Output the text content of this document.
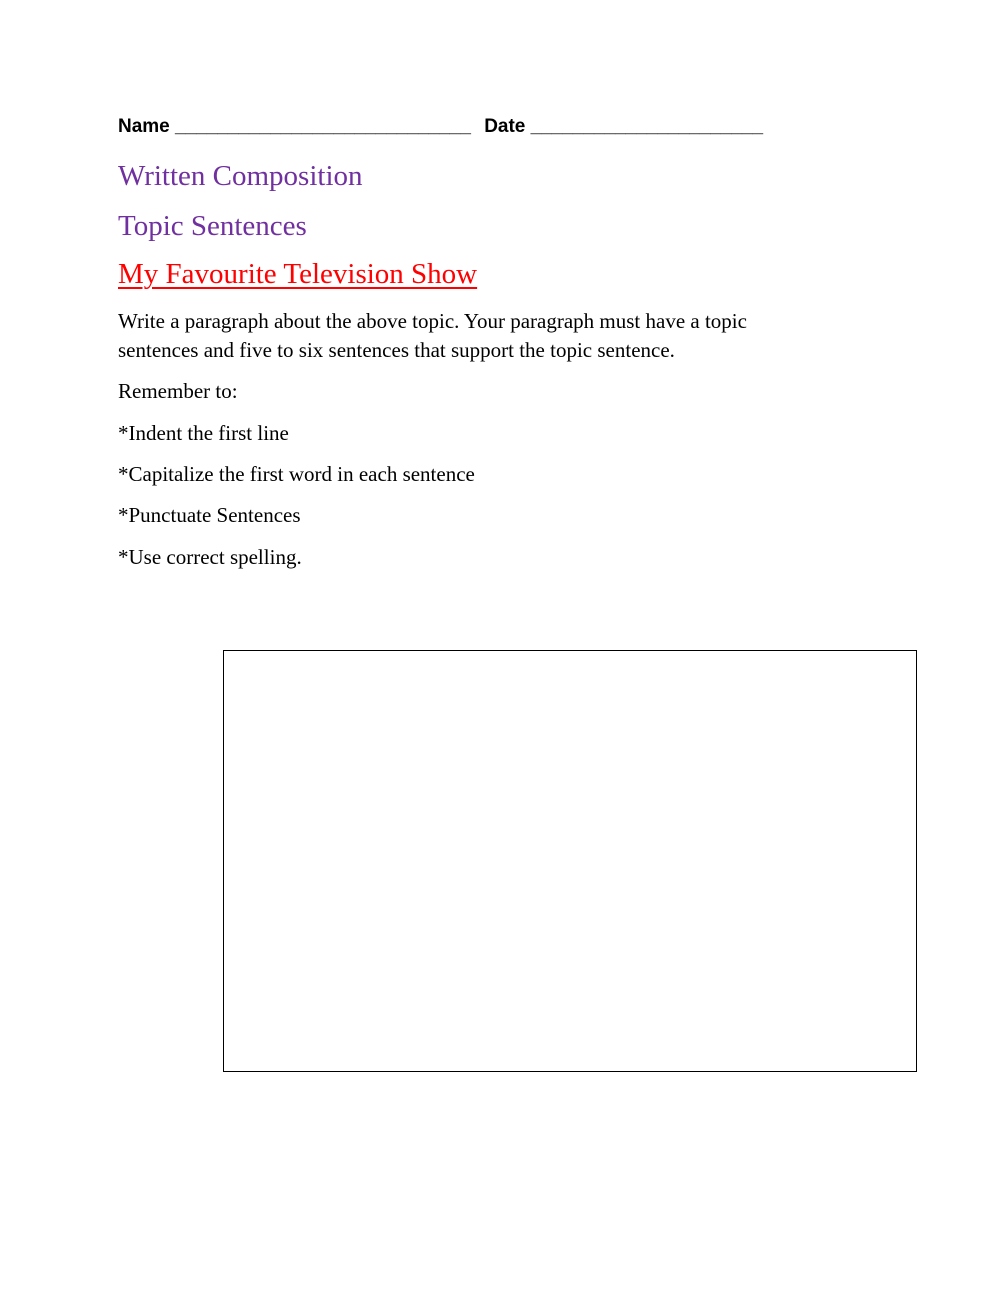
Name ____________________________ Date ______________________
Written Composition
Topic Sentences
My Favourite Television Show
Write a paragraph about the above topic. Your paragraph must have a topic
sentences and five to six sentences that support the topic sentence.
Remember to:
*Indent the first line
*Capitalize the first word in each sentence
*Punctuate Sentences
*Use correct spelling.
